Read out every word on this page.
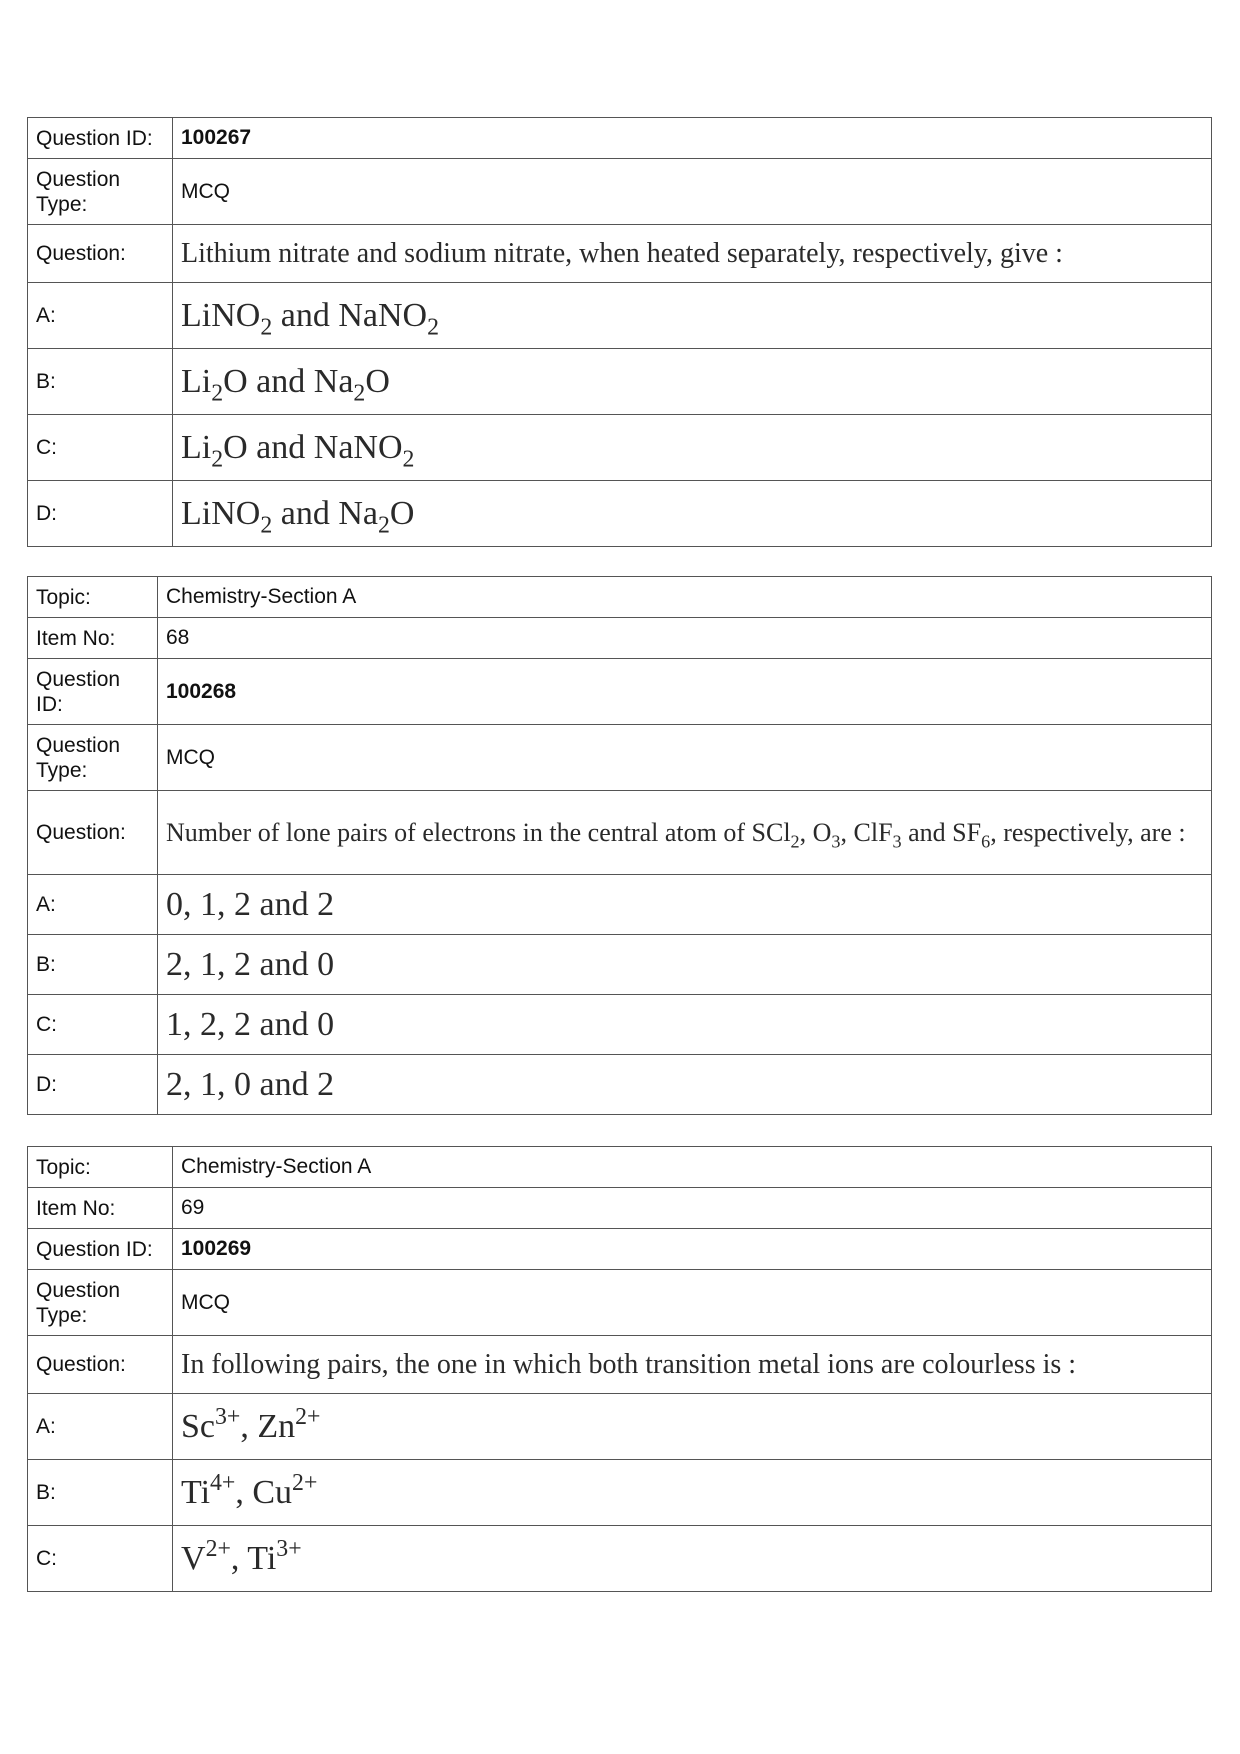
Question ID:	100267
Question Type:	MCQ
Question:	Lithium nitrate and sodium nitrate, when heated separately, respectively, give :
A:	LiNO$_2$ and NaNO$_2$
B:	$Li_2O$ and $Na_2O$
C:	$Li_2O$ and NaNO$_2$
D:	LiNO$_2$ and $Na_2O$
Topic:	Chemistry-Section A
Item No:	68
Question ID:	100268
Question Type:	MCQ
Question:	Number of lone pairs of electrons in the central atom of SCl$_2$, $O_3$, ClF$_3$ and $SF_6$, respectively, are :
A:	0, 1, 2 and 2
B:	2, 1, 2 and 0
C:	1, 2, 2 and 0
D:	2, 1, 0 and 2
Topic:	Chemistry-Section A
Item No:	69
Question ID:	100269
Question Type:	MCQ
Question:	In following pairs, the one in which both transition metal ions are colourless is :
A:	$Sc^{3+}$, $Zn^{2+}$
B:	$Ti^{4+}$, $Cu^{2+}$
C:	$V^{2+}$, $Ti^{3+}$
